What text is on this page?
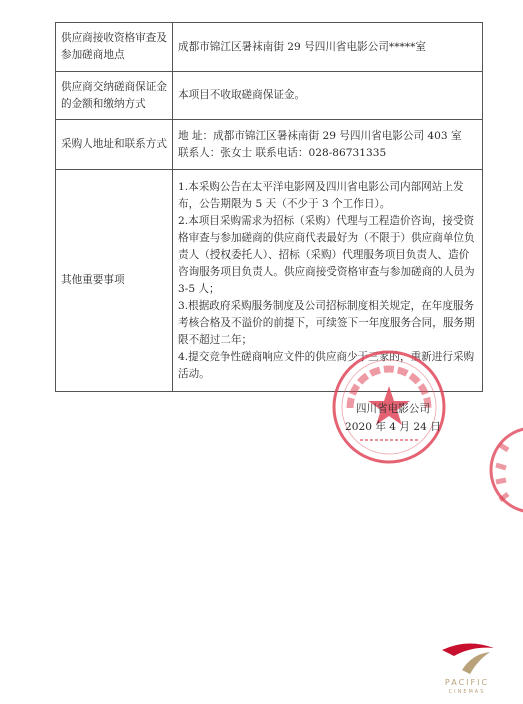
供应商接收资格审查及参加磋商地点	成都市锦江区暑袜南街 29 号四川省电影公司*****室
供应商交纳磋商保证金的金额和缴纳方式	本项目不收取磋商保证金。
采购人地址和联系方式	地 址：成都市锦江区暑袜南街 29 号四川省电影公司 403 室
联系人：张女士 联系电话：028-86731335

其他重要事项	1.本采购公告在太平洋电影网及四川省电影公司内部网站上发布，公告期限为 5 天（不少于 3 个工作日）。
2.本项目采购需求为招标（采购）代理与工程造价咨询，接受资格审查与参加磋商的供应商代表最好为（不限于）供应商单位负责人（授权委托人）、招标（采购）代理服务项目负责人、造价咨询服务项目负责人。供应商接受资格审查与参加磋商的人员为 3-5 人；
3.根据政府采购服务制度及公司招标制度相关规定，在年度服务考核合格及不溢价的前提下，可续签下一年度服务合同，服务期限不超过二年；
4.提交竞争性磋商响应文件的供应商少于三家的，重新进行采购活动。
四川省电影公司
2020 年 4 月 24 日
PACIFIC
CINEMAS
